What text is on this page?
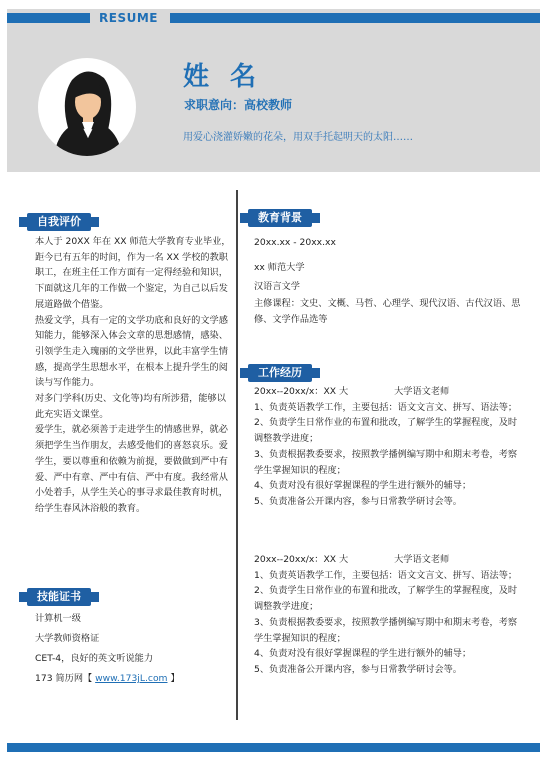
RESUME
姓 名
求职意向：高校教师
用爱心浇灌娇嫩的花朵，用双手托起明天的太阳……
自我评价

本人于 20XX 年在 XX 师范大学教育专业毕业，距今已有五年的时间，作为一名 XX 学校的教职职工，在班主任工作方面有一定得经验和知识，下面就这几年的工作做一个鉴定，为自己以后发展道路做个借鉴。

热爱文学，具有一定的文学功底和良好的文学感知能力，能够深入体会文章的思想感情，感染、引领学生走入瑰丽的文学世界，以此丰富学生情感，提高学生思想水平，在根本上提升学生的阅读与写作能力。

对多门学科(历史、文化等)均有所涉猎，能够以此充实语文课堂。

爱学生，就必须善于走进学生的情感世界，就必须把学生当作朋友，去感受他们的喜怒哀乐。爱学生，要以尊重和依赖为前提，要做做到严中有爱、严中有章、严中有信、严中有度。我经常从小处着手，从学生关心的事寻求最佳教育时机，给学生春风沐浴般的教育。

技能证书
计算机一级
大学教师资格证
CET-4，良好的英文听说能力
173 简历网【 www.173jL.com 】
教育背景
20xx.xx - 20xx.xx
xx 师范大学
汉语言文学
主修课程：文史、文概、马哲、心理学、现代汉语、古代汉语、思修、文学作品选等
工作经历
20xx--20xx/x：XX 大　　　　　大学语文老师
1、负责英语教学工作，主要包括：语文文言文、拼写、语法等；
2、负责学生日常作业的布置和批改，了解学生的掌握程度，及时调整教学进度；
3、负责根据教委要求，按照教学播例编写期中和期末考卷，考察学生掌握知识的程度；
4、负责对没有很好掌握课程的学生进行额外的辅导；
5、负责准备公开课内容，参与日常教学研讨会等。
20xx--20xx/x：XX 大　　　　　大学语文老师
1、负责英语教学工作，主要包括：语文文言文、拼写、语法等；
2、负责学生日常作业的布置和批改，了解学生的掌握程度，及时调整教学进度；
3、负责根据教委要求，按照教学播例编写期中和期末考卷，考察学生掌握知识的程度；
4、负责对没有很好掌握课程的学生进行额外的辅导；
5、负责准备公开课内容，参与日常教学研讨会等。
